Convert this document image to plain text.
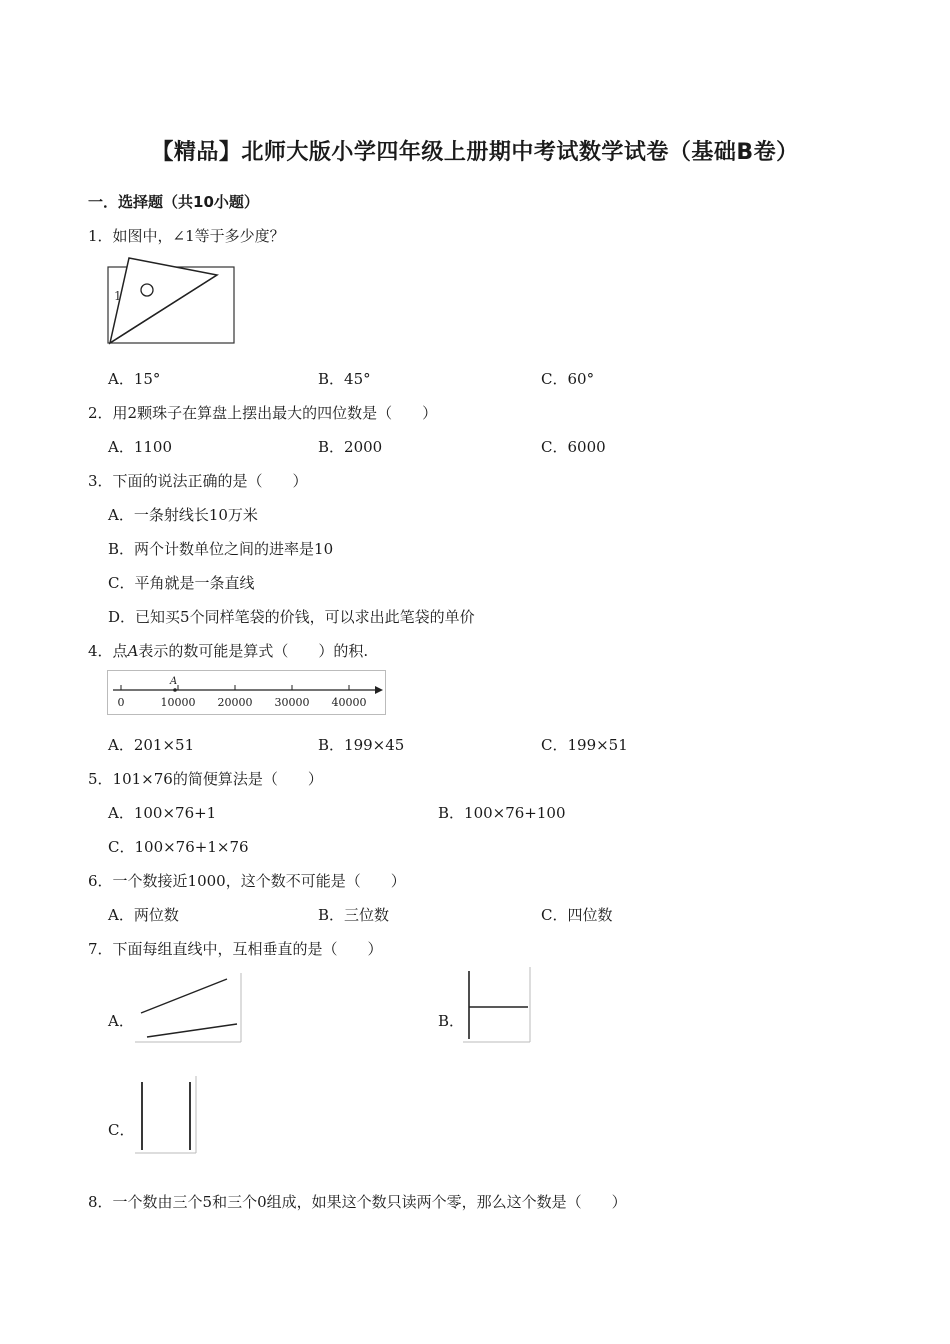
【精品】北师大版小学四年级上册期中考试数学试卷（基础B卷）
一．选择题（共10小题）
1．如图中，∠1等于多少度？
1
A．15°	B．45°	C．60°
2．用2颗珠子在算盘上摆出最大的四位数是（　　）
A．1100	B．2000	C．6000
3．下面的说法正确的是（　　）
A．一条射线长10万米
B．两个计数单位之间的进率是10
C．平角就是一条直线
D．已知买5个同样笔袋的价钱，可以求出此笔袋的单价
4．点A表示的数可能是算式（　　）的积.
A
0	10000 20000 30000 40000
A．201×51	B．199×45	C．199×51
5．101×76的简便算法是（　　）
A．100×76+1	B．100×76+100
C．100×76+1×76
6．一个数接近1000，这个数不可能是（　　）
A．两位数	B．三位数	C．四位数
7．下面每组直线中，互相垂直的是（　　）
A．	B．
C．
8．一个数由三个5和三个0组成，如果这个数只读两个零，那么这个数是（　　）
